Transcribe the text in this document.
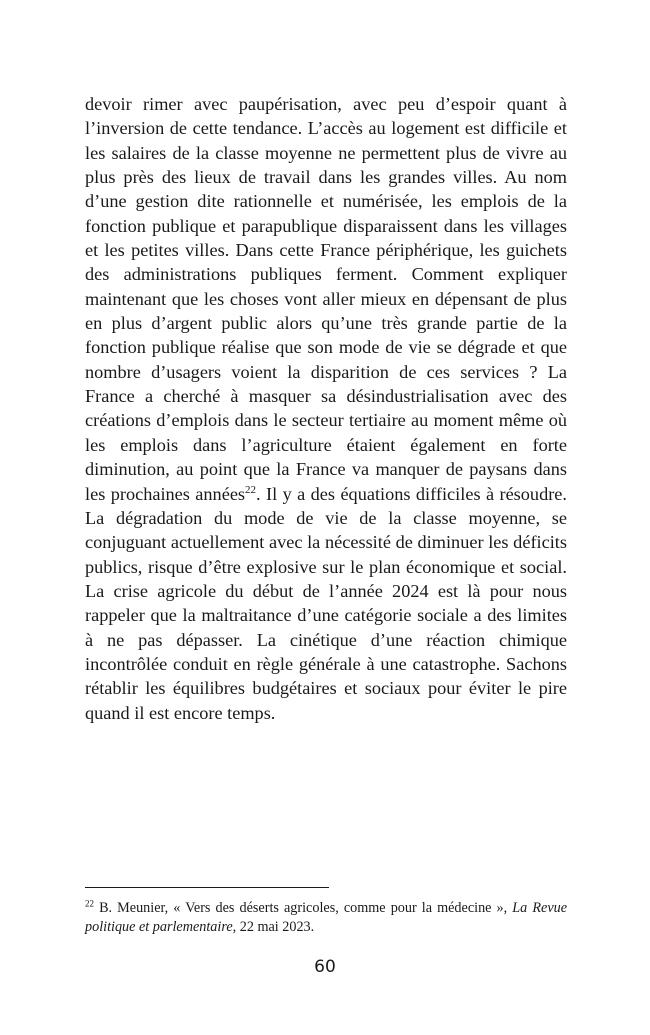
devoir rimer avec paupérisation, avec peu d’espoir quant à l’inversion de cette tendance. L’accès au logement est difficile et les salaires de la classe moyenne ne permettent plus de vivre au plus près des lieux de travail dans les grandes villes. Au nom d’une gestion dite rationnelle et numérisée, les emplois de la fonction publique et parapublique disparaissent dans les villages et les petites villes. Dans cette France périphérique, les guichets des administrations publiques ferment. Comment expliquer maintenant que les choses vont aller mieux en dépensant de plus en plus d’argent public alors qu’une très grande partie de la fonction publique réalise que son mode de vie se dégrade et que nombre d’usagers voient la disparition de ces services ? La France a cherché à masquer sa désindustrialisation avec des créations d’emplois dans le secteur tertiaire au moment même où les emplois dans l’agriculture étaient également en forte diminution, au point que la France va manquer de paysans dans les prochaines années$^{22}$. Il y a des équations difficiles à résoudre. La dégradation du mode de vie de la classe moyenne, se conjuguant actuellement avec la nécessité de diminuer les déficits publics, risque d’être explosive sur le plan économique et social. La crise agricole du début de l’année 2024 est là pour nous rappeler que la maltraitance d’une catégorie sociale a des limites à ne pas dépasser. La cinétique d’une réaction chimique incontrôlée conduit en règle générale à une catastrophe. Sachons rétablir les équilibres budgétaires et sociaux pour éviter le pire quand il est encore temps.

$^{22}$ B. Meunier, « Vers des déserts agricoles, comme pour la médecine », La Revue politique et parlementaire, 22 mai 2023.

60
